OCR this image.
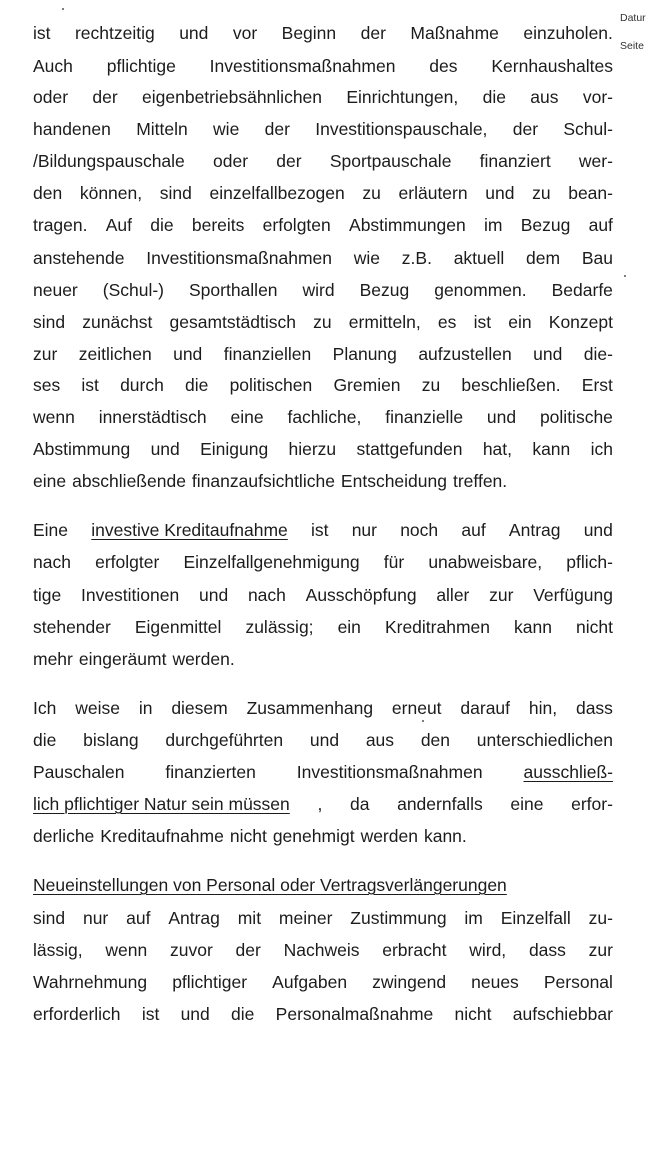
Datur
Seite
ist rechtzeitig und vor Beginn der Maßnahme einzuholen.
Auch pflichtige Investitionsmaßnahmen des Kernhaushaltes
oder der eigenbetriebsähnlichen Einrichtungen, die aus vor-
handenen Mitteln wie der Investitionspauschale, der Schul-
/Bildungspauschale oder der Sportpauschale finanziert wer-
den können, sind einzelfallbezogen zu erläutern und zu bean-
tragen. Auf die bereits erfolgten Abstimmungen im Bezug auf
anstehende Investitionsmaßnahmen wie z.B. aktuell dem Bau
neuer (Schul-) Sporthallen wird Bezug genommen. Bedarfe
sind zunächst gesamtstädtisch zu ermitteln, es ist ein Konzept
zur zeitlichen und finanziellen Planung aufzustellen und die-
ses ist durch die politischen Gremien zu beschließen. Erst
wenn innerstädtisch eine fachliche, finanzielle und politische
Abstimmung und Einigung hierzu stattgefunden hat, kann ich
eine abschließende finanzaufsichtliche Entscheidung treffen.
Eine investive Kreditaufnahme ist nur noch auf Antrag und
nach erfolgter Einzelfallgenehmigung für unabweisbare, pflich-
tige Investitionen und nach Ausschöpfung aller zur Verfügung
stehender Eigenmittel zulässig; ein Kreditrahmen kann nicht
mehr eingeräumt werden.
Ich weise in diesem Zusammenhang erneut darauf hin, dass
die bislang durchgeführten und aus den unterschiedlichen
Pauschalen finanzierten Investitionsmaßnahmen ausschließ-
lich pflichtiger Natur sein müssen , da andernfalls eine erfor-
derliche Kreditaufnahme nicht genehmigt werden kann.
Neueinstellungen von Personal oder Vertragsverlängerungen
sind nur auf Antrag mit meiner Zustimmung im Einzelfall zu-
lässig, wenn zuvor der Nachweis erbracht wird, dass zur
Wahrnehmung pflichtiger Aufgaben zwingend neues Personal
erforderlich ist und die Personalmaßnahme nicht aufschiebbar
